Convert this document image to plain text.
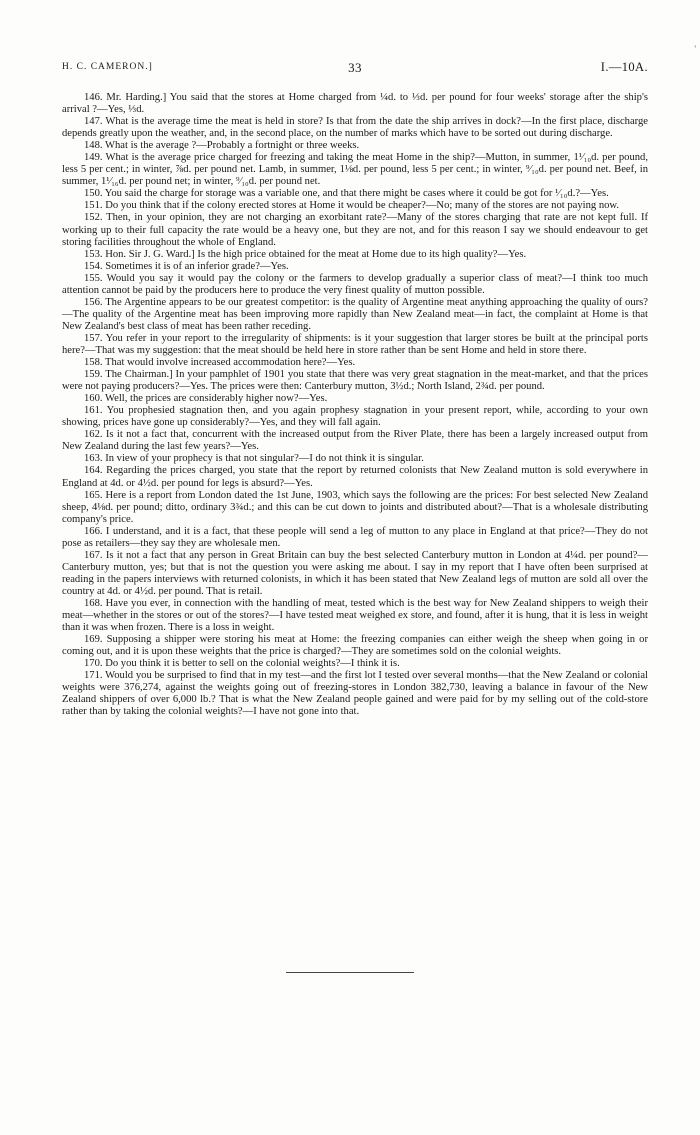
'
H. C. CAMERON.]	33	I.—10A.

146. Mr. Harding.] You said that the stores at Home charged from ¼d. to ⅓d. per pound for four weeks' storage after the ship's arrival ?—Yes, ⅓d.

147. What is the average time the meat is held in store? Is that from the date the ship arrives in dock?—In the first place, discharge depends greatly upon the weather, and, in the second place, on the number of marks which have to be sorted out during discharge.

148. What is the average ?—Probably a fortnight or three weeks.

149. What is the average price charged for freezing and taking the meat Home in the ship?—Mutton, in summer, 1¹⁄₁₀d. per pound, less 5 per cent.; in winter, ⅞d. per pound net. Lamb, in summer, 1⅛d. per pound, less 5 per cent.; in winter, ⁹⁄₁₀d. per pound net. Beef, in summer, 1¹⁄₁₆d. per pound net; in winter, ⁹⁄₁₀d. per pound net.

150. You said the charge for storage was a variable one, and that there might be cases where it could be got for ¹⁄₁₀d.?—Yes.

151. Do you think that if the colony erected stores at Home it would be cheaper?—No; many of the stores are not paying now.

152. Then, in your opinion, they are not charging an exorbitant rate?—Many of the stores charging that rate are not kept full. If working up to their full capacity the rate would be a heavy one, but they are not, and for this reason I say we should endeavour to get storing facilities throughout the whole of England.

153. Hon. Sir J. G. Ward.] Is the high price obtained for the meat at Home due to its high quality?—Yes.

154. Sometimes it is of an inferior grade?—Yes.

155. Would you say it would pay the colony or the farmers to develop gradually a superior class of meat?—I think too much attention cannot be paid by the producers here to produce the very finest quality of mutton possible.

156. The Argentine appears to be our greatest competitor: is the quality of Argentine meat anything approaching the quality of ours?—The quality of the Argentine meat has been improving more rapidly than New Zealand meat—in fact, the complaint at Home is that New Zealand's best class of meat has been rather receding.

157. You refer in your report to the irregularity of shipments: is it your suggestion that larger stores be built at the principal ports here?—That was my suggestion: that the meat should be held here in store rather than be sent Home and held in store there.

158. That would involve increased accommodation here?—Yes.

159. The Chairman.] In your pamphlet of 1901 you state that there was very great stagnation in the meat-market, and that the prices were not paying producers?—Yes. The prices were then: Canterbury mutton, 3½d.; North Island, 2¾d. per pound.

160. Well, the prices are considerably higher now?—Yes.

161. You prophesied stagnation then, and you again prophesy stagnation in your present report, while, according to your own showing, prices have gone up considerably?—Yes, and they will fall again.

162. Is it not a fact that, concurrent with the increased output from the River Plate, there has been a largely increased output from New Zealand during the last few years?—Yes.

163. In view of your prophecy is that not singular?—I do not think it is singular.

164. Regarding the prices charged, you state that the report by returned colonists that New Zealand mutton is sold everywhere in England at 4d. or 4½d. per pound for legs is absurd?—Yes.

165. Here is a report from London dated the 1st June, 1903, which says the following are the prices: For best selected New Zealand sheep, 4⅛d. per pound; ditto, ordinary 3¾d.; and this can be cut down to joints and distributed about?—That is a wholesale distributing company's price.

166. I understand, and it is a fact, that these people will send a leg of mutton to any place in England at that price?—They do not pose as retailers—they say they are wholesale men.

167. Is it not a fact that any person in Great Britain can buy the best selected Canterbury mutton in London at 4¼d. per pound?—Canterbury mutton, yes; but that is not the question you were asking me about. I say in my report that I have often been surprised at reading in the papers interviews with returned colonists, in which it has been stated that New Zealand legs of mutton are sold all over the country at 4d. or 4½d. per pound. That is retail.

168. Have you ever, in connection with the handling of meat, tested which is the best way for New Zealand shippers to weigh their meat—whether in the stores or out of the stores?—I have tested meat weighed ex store, and found, after it is hung, that it is less in weight than it was when frozen. There is a loss in weight.

169. Supposing a shipper were storing his meat at Home: the freezing companies can either weigh the sheep when going in or coming out, and it is upon these weights that the price is charged?—They are sometimes sold on the colonial weights.

170. Do you think it is better to sell on the colonial weights?—I think it is.

171. Would you be surprised to find that in my test—and the first lot I tested over several months—that the New Zealand or colonial weights were 376,274, against the weights going out of freezing-stores in London 382,730, leaving a balance in favour of the New Zealand shippers of over 6,000 lb.? That is what the New Zealand people gained and were paid for by my selling out of the cold-store rather than by taking the colonial weights?—I have not gone into that.
